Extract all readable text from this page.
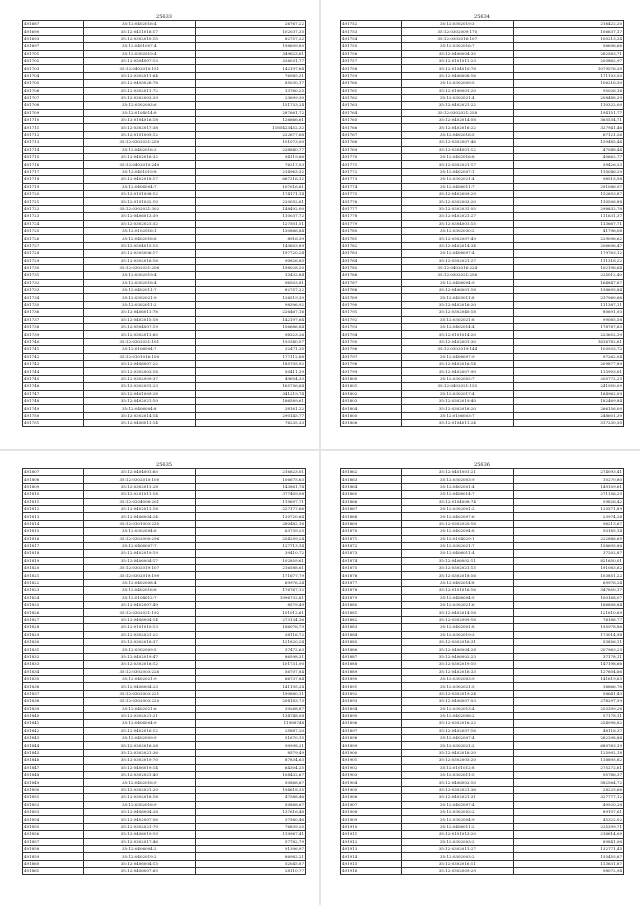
25633
491687	35:12:0402016:4	26767,22
491690	35:12:0411016:17	102037,35
491693	35:12:0302010:15	82757,22
491697	35:12:0401007:4	198699,85
491701	35:12:0302019:4	349623,61
491702	35:12:0504007:13	326031,77
491703	35:12:0402010:151	142197,64
491704	35:12:0302011:64	76985,31
491705	35:12:0405026:78	85030,17
491706	35:12:0302011:72	13760,25
491707	35:12:0302003:29	23699,30
491708	35:12:0302003:6	151733,24
491709	35:12:0104014:8	287661,72
491710	35:12:0104016:18	126666,61
491711	35:12:0302017:38	1185423452,32
491712	35:12:0101009:12	222677,68
491713	35:12:0302021:250	101073,00
491714	35:12:0402016:3	238840,77
491715	35:12:0402016:32	94119,66
491716	35:12:0402010:240	76217,53
491717	35:12:0401019:8	214963,32
491718	35:12:0402018:17	667216,12
491719	35:12:0406004:7	107016,61
491720	35:12:0101008:12	174171,14
491721	35:12:0101032:10	220052,61
491722	35:12:0302021:302	148492,00
491723	35:12:0406013:39	110037,72
491724	35:12:0302021:32	127501,51
491725	35:12:0102016:1	130866,84
491726	35:12:0402016:6	8916,39
491727	35:12:0504015:15	143603,89
491728	35:12:0305006:17	197720,24
491729	35:12:0302016:16	90826,85
491730	35:12:0302021:206	198028,20
491731	35:12:0302019:4	13432,84
491732	35:12:0302016:4	96503,81
491733	35:12:0402011:7	82757,22
491734	35:12:0302021:9	126519,39
491735	35:12:0302011:2	98396,92
491736	35:12:0406011:78	226467,16
491737	35:12:0402015:18	142197,64
491738	35:12:0504007:19	106686,84
491739	35:12:0302011:65	98323,26
491740	35:12:0302021:101	193340,07
491741	35:12:0106004:7	32471,35
491742	35:12:0101016:100	177112,68
491743	35:12:0406007:22	185705,92
491744	35:12:0302003:18	50411,39
491745	35:12:0302009:37	49654,33
491746	35:12:0302051:23	165756,64
491747	35:12:0401009:28	341219,74
491748	35:12:0402021:10	186589,61
491749	35:12:0406004:8	38161,22
491750	35:12:0302014:14	290145,77
491751	35:12:0406011:14	76235,33
25634
491752	35:12:0302019:3	216422,20
491753	35:12:0302009:175	106637,17
491754	35:12:0302016:107	100213,24
491755	35:12:0302016:7	56696,66
491756	35:12:0406004:35	282563,71
491757	35:12:0101011:23	203862,97
491758	35:12:0104010:78	1079576,39
491759	35:12:0406006:16	171193,50
491760	35:12:0302009:5	106216,30
491761	35:12:0106001:20	95026,16
491762	35:12:0302021:4	208488,39
491763	35:12:0402021:22	110322,00
491764	35:12:0302021:258	194151,77
491765	35:12:0402014:58	365534,71
491766	35:12:0402016:22	327941,46
491767	35:12:0402016:5	67121,26
491768	35:12:0302007:46	159485,44
491769	35:12:0304001:12	47048,44
491770	35:12:0402016:8	45662,77
491771	35:12:0302021:17	39426,33
491772	35:12:0402007:1	110046,29
491773	35:12:0302021:4	98515,58
491774	35:12:0406011:7	291086,97
491775	35:12:0402009:29	152653,87
491776	35:12:0302003:20	110506,88
491777	35:12:0302031:55	298832,78
491778	35:12:0402021:27	111631,37
491779	35:12:0304001:15	113667,71
491780	35:12:0302030:2	41796,06
491781	35:12:0302007:49	229096,62
491782	35:12:0402014:34	206696,47
491783	35:12:0406007:4	179763,12
491784	35:12:0302021:27	111318,22
491785	35:12:0402016:224	102196,64
491786	35:12:0302021:256	225012,40
491787	35:12:0406004:9	164847,67
491788	35:12:0406001:18	198695,84
491789	35:12:0403011:8	237960,66
491790	35:12:0402016:20	111387,11
491791	35:12:0302040:18	80691,93
491792	35:12:0302021:8	99085,58
491793	35:12:0402014:4	178787,63
491794	35:12:0101014:20	223652,39
491795	35:12:0402001:30	1616782,61
491796	35:12:0302019:144	103933,72
491797	35:12:0406007:9	97262,04
491798	35:12:0402016:14	209877,89
491799	35:12:0402007:90	113903,61
491800	35:12:0302003:7	205772,25
491801	35:12:0402021:155	241950,09
491802	35:12:0302017:4	164962,09
491803	35:12:0302019:40	182469,84
491804	35:12:0302016:20	266156,00
491805	35:12:0106003:7	248601,39
491806	35:12:0104011:24	317230,30
25635
491807	35:12:0404001:65	216623,01
491808	35:12:0302010:100	106675,63
491809	35:12:0302011:28	143861,74
491810	35:12:0201011:18	377409,08
491811	35:12:0204006:201	119697,71
491812	35:12:0402011:18	227177,66
491813	35:12:0406004:24	120720,64
491814	35:12:0101003:235	280482,16
491815	35:12:0302004:6	63739,25
491816	35:12:0302009:296	254299,24
491817	35:12:0406007:7	127713,14
491818	35:12:0402019:19	39410,72
491819	35:12:0406004:17	102859,61
491820	35:12:0302019:107	216588,61
491821	35:12:0302019:199	171677,79
491822	35:12:0402008:4	69976,24
491823	35:12:0402016:6	176767,12
491824	35:12:0104012:7	1996732,61
491825	35:12:0402007:49	8579,49
491826	35:12:0302021:192	101012,61
491827	35:12:0406004:14	273134,16
491828	35:12:0101010:13	186076,79
491829	35:12:0302021:22	38116,72
491830	35:12:0302016:37	121620,24
491831	35:12:0302009:5	37472,63
491832	35:12:0402019:47	86598,31
491833	35:12:0302016:12	101731,00
491834	35:12:0302003:226	56707,84
491835	35:12:0402021:9	66737,84
491836	35:12:0406004:23	141195,24
491837	35:12:0302003:221	190880,11
491838	35:12:0302003:220	204183,73
491839	35:12:0402021:6	39268,87
491840	35:12:0302021:21	134748,08
491841	35:12:0406004:9	11988748
491842	35:12:0402016:12	25887,20
491843	35:12:0402009:9	51670,15
491844	35:12:0302016:28	99998,21
491845	35:12:0302021:36	8579,49
491846	35:12:0302019:70	87834,63
491847	35:12:0406019:14	64304,25
491848	35:12:0302021:40	108432,67
491849	35:12:0402016:9	50868,67
491850	35:12:0302021:20	194618,35
491851	35:12:0302018:18	47588,46
491852	35:12:0302016:9	50868,67
491853	35:12:0406004:28	137616,48
491854	35:12:0402007:56	37560,46
491855	35:12:0302021:70	76839,20
491856	35:12:0406019:19	119967,41
491857	35:12:0302017:46	57782,79
491858	35:12:0406004:2	91396,97
491859	35:12:0402019:2	86982,21
491860	35:12:0406004:13	52045,87
491861	35:12:0406007:65	28110,77
25636
491862	35:12:0401001:21	274093,41
491863	35:12:0302003:9	10270,80
491864	35:12:0402001:4	149109,61
491865	35:12:0406014:7	271156,25
491866	35:12:0104008:74	59826,42
491867	35:12:0302001:2	120571,89
491868	35:12:0402007:6	23974,26
491869	35:12:0302020:18	96213,67
491870	35:12:0402004:8	93185,14
491871	35:12:0104029:1	222886,69
491872	35:12:0302021:7	158695,86
491873	35:12:0406011:4	37202,87
491874	35:12:0406002:11	821650,01
491875	35:12:0302021:15	191083,62
491876	35:12:0302018:16	103851,22
491877	35:12:0402014:8	69976,24
491878	35:12:0101016:16	347850,17
491879	35:12:0406004:5	100168,07
491880	35:12:0302021:6	186808,84
491881	35:12:0402014:18	121610,69
491882	35:12:0302009:18	76188,77
491883	35:12:0402001:8	195978,86
491884	35:12:0302019:3	173014,98
491885	35:12:0302016:31	53856,11
491886	35:12:0406004:28	207963,23
491887	35:12:0406002:23	37178,11
491888	35:12:0302019:10	147198,66
491889	35:12:0402016:33	127604,66
491890	35:12:0302003:9	141619,63
491891	35:12:0302021:5	16866,78
491892	35:12:0302019:24	58641,43
491893	35:12:0406007:53	278297,59
491894	35:12:0302013:4	253399,26
491895	35:12:0402006:2	57178,11
491896	35:12:0302016:22	254998,82
491897	35:12:0402007:16	48118,37
491898	35:12:0402007:4	282398,88
491899	35:12:0302021:2	680763,19
491900	35:12:0402016:20	125992,18
491901	35:12:0302003:20	118895,82
491902	35:12:0101012:8	275272,61
491903	35:12:0302011:5	95786,37
491904	35:12:0406002:10	582564,72
491905	35:12:0302021:36	28225,66
491906	35:12:0402021:31	327777,12
491907	35:12:0402007:4	49920,28
491908	35:12:0302003:2	89107,61
491909	35:12:0302004:9	45322,02
491910	35:12:0406011:2	225399,71
491911	35:12:0101013:20	216614,00
491912	35:12:0302003:2	89841,06
491913	35:12:0302011:27	132771,45
491914	35:12:0302003:2	155455,67
491915	35:12:0302016:11	113631,87
491916	35:12:0302009:29	98072,94
